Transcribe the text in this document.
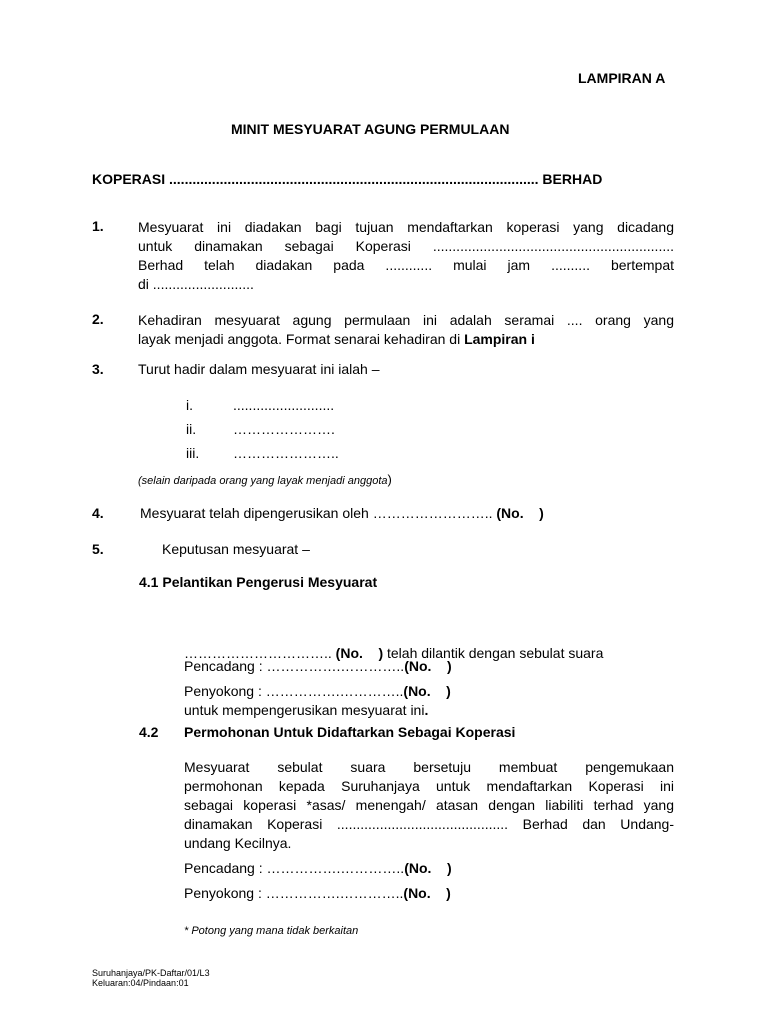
LAMPIRAN A
MINIT MESYUARAT AGUNG PERMULAAN
KOPERASI ............................................................................................... BERHAD
1. Mesyuarat ini diadakan bagi tujuan mendaftarkan koperasi yang dicadang

untuk dinamakan sebagai Koperasi ..............................................................

Berhad telah diadakan pada ............ mulai jam .......... bertempat

di ..........................

2. Kehadiran mesyuarat agung permulaan ini adalah seramai .... orang yang

layak menjadi anggota. Format senarai kehadiran di Lampiran i

3. Turut hadir dalam mesyuarat ini ialah –
i.	..........................
ii.	………………….
iii. …………………..
(selain daripada orang yang layak menjadi anggota)
4.	Mesyuarat telah dipengerusikan oleh …………………….. (No.    )
5.	Keputusan mesyuarat –
4.1 Pelantikan Pengerusi Mesyuarat

………………………….. (No.    ) telah dilantik dengan sebulat suara

untuk mempengerusikan mesyuarat ini.

Pencadang : …………….…………..(No.    )
Penyokong : …………….…………..(No.    )
4.2 Permohonan Untuk Didaftarkan Sebagai Koperasi

Mesyuarat sebulat suara bersetuju membuat pengemukaan

permohonan kepada Suruhanjaya untuk mendaftarkan Koperasi ini

sebagai koperasi *asas/ menengah/ atasan dengan liabiliti terhad yang

dinamakan Koperasi ............................................ Berhad dan Undang-

undang Kecilnya.

Pencadang : …………….…………..(No.    )
Penyokong : …………….…………..(No.    )
* Potong yang mana tidak berkaitan
Suruhanjaya/PK-Daftar/01/L3
Keluaran:04/Pindaan:01
